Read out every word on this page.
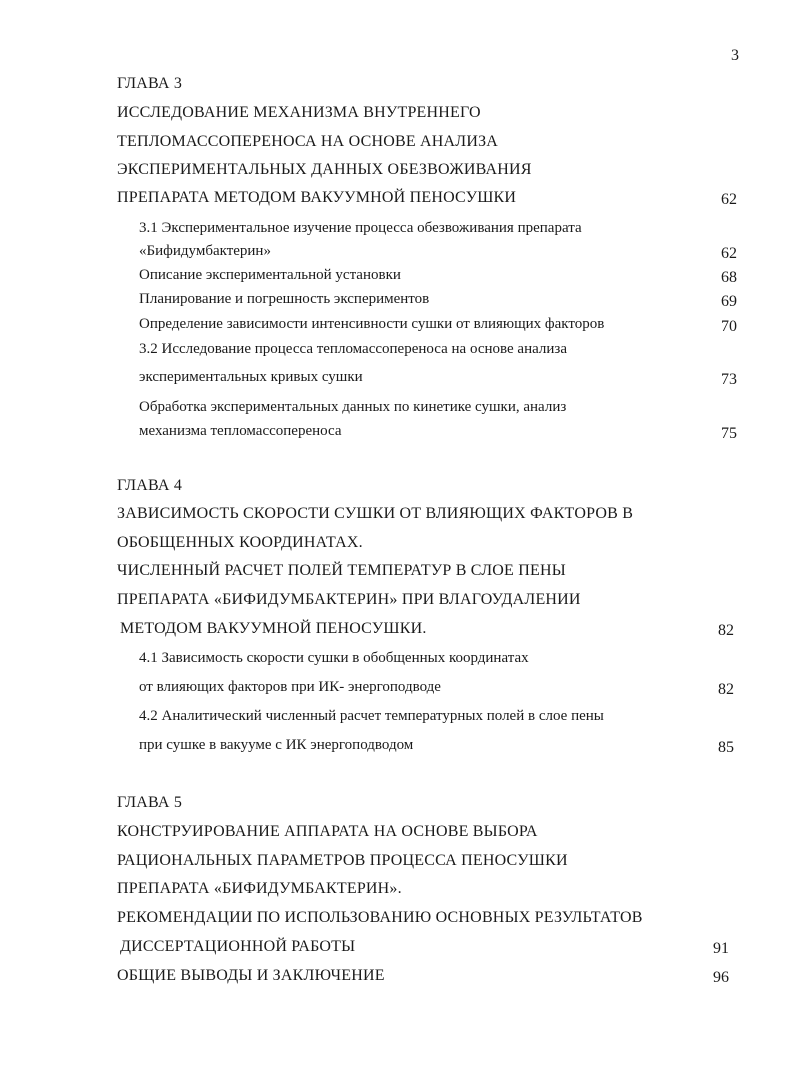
3
ГЛАВА 3
ИССЛЕДОВАНИЕ МЕХАНИЗМА ВНУТРЕННЕГО
ТЕПЛОМАССОПЕРЕНОСА НА ОСНОВЕ АНАЛИЗА
ЭКСПЕРИМЕНТАЛЬНЫХ ДАННЫХ ОБЕЗВОЖИВАНИЯ
ПРЕПАРАТА МЕТОДОМ ВАКУУМНОЙ ПЕНОСУШКИ	62
3.1 Экспериментальное изучение процесса обезвоживания препарата
«Бифидумбактерин»	62
Описание экспериментальной установки	68
Планирование и погрешность экспериментов	69
Определение зависимости интенсивности сушки от влияющих факторов	70
3.2 Исследование процесса тепломассопереноса на основе анализа
экспериментальных кривых сушки	73
Обработка экспериментальных данных по кинетике сушки, анализ
механизма тепломассопереноса	75
ГЛАВА 4
ЗАВИСИМОСТЬ СКОРОСТИ СУШКИ ОТ ВЛИЯЮЩИХ ФАКТОРОВ В
ОБОБЩЕННЫХ КООРДИНАТАХ.
ЧИСЛЕННЫЙ РАСЧЕТ ПОЛЕЙ ТЕМПЕРАТУР В СЛОЕ ПЕНЫ
ПРЕПАРАТА «БИФИДУМБАКТЕРИН» ПРИ ВЛАГОУДАЛЕНИИ
МЕТОДОМ ВАКУУМНОЙ ПЕНОСУШКИ.	82
4.1 Зависимость скорости сушки в обобщенных координатах
от влияющих факторов при ИК- энергоподводе	82
4.2 Аналитический численный расчет температурных полей в слое пены
при сушке в вакууме с ИК энергоподводом	85
ГЛАВА 5
КОНСТРУИРОВАНИЕ АППАРАТА НА ОСНОВЕ ВЫБОРА
РАЦИОНАЛЬНЫХ ПАРАМЕТРОВ ПРОЦЕССА ПЕНОСУШКИ
ПРЕПАРАТА «БИФИДУМБАКТЕРИН».
РЕКОМЕНДАЦИИ ПО ИСПОЛЬЗОВАНИЮ ОСНОВНЫХ РЕЗУЛЬТАТОВ
ДИССЕРТАЦИОННОЙ РАБОТЫ	91
ОБЩИЕ ВЫВОДЫ И ЗАКЛЮЧЕНИЕ	96
